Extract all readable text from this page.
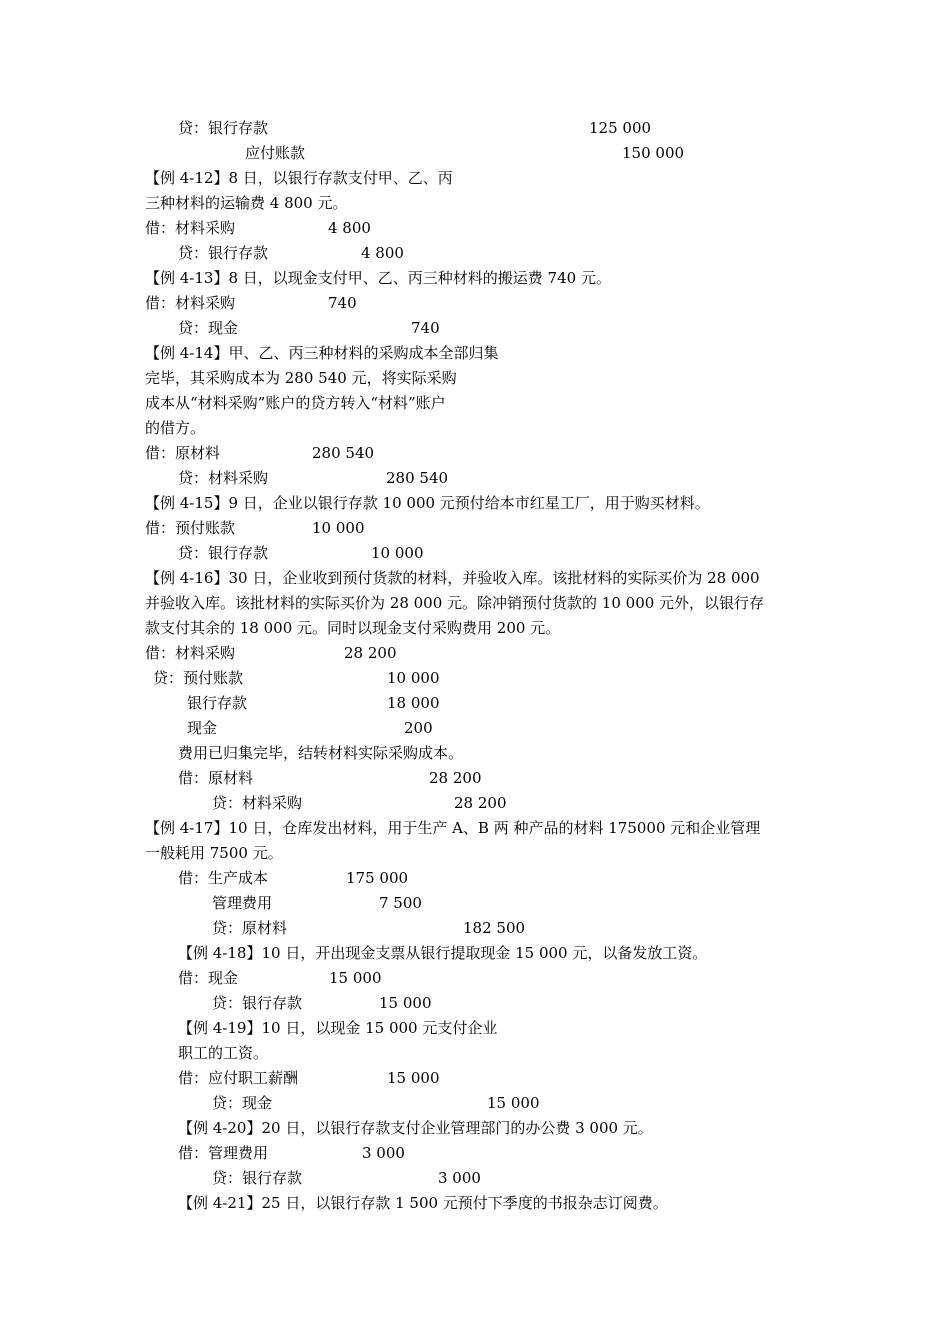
贷：银行存款	125 000
应付账款	150 000
【例 4-12】8 日，以银行存款支付甲、乙、丙
三种材料的运输费 4 800 元。
借：材料采购	4 800
贷：银行存款	4 800
【例 4-13】8 日，以现金支付甲、乙、丙三种材料的搬运费 740 元。
借：材料采购	740
贷：现金	740
【例 4-14】甲、乙、丙三种材料的采购成本全部归集
完毕，其采购成本为 280 540 元，将实际采购
成本从“材料采购”账户的贷方转入“材料”账户
的借方。
借：原材料	280 540
贷：材料采购	280 540
【例 4-15】9 日，企业以银行存款 10 000 元预付给本市红星工厂，用于购买材料。
借：预付账款	10 000
贷：银行存款	10 000
【例 4-16】30 日，企业收到预付货款的材料，并验收入库。该批材料的实际买价为 28 000
并验收入库。该批材料的实际买价为 28 000 元。除冲销预付货款的 10 000 元外，以银行存
款支付其余的 18 000 元。同时以现金支付采购费用 200 元。
借：材料采购	28 200
贷：预付账款	10 000
银行存款	18 000
现金	200
费用已归集完毕，结转材料实际采购成本。
借：原材料	28 200
贷：材料采购	28 200
【例 4-17】10 日，仓库发出材料，用于生产 A、B 两 种产品的材料 175000 元和企业管理
一般耗用 7500 元。
借：生产成本	175 000
管理费用	7 500
贷：原材料	182 500
【例 4-18】10 日，开出现金支票从银行提取现金 15 000 元，以备发放工资。
借：现金	15 000
贷：银行存款	15 000
【例 4-19】10 日，以现金 15 000 元支付企业
职工的工资。
借：应付职工薪酬	15 000
贷：现金	15 000
【例 4-20】20 日，以银行存款支付企业管理部门的办公费 3 000 元。
借：管理费用	3 000
贷：银行存款	3 000
【例 4-21】25 日，以银行存款 1 500 元预付下季度的书报杂志订阅费。
